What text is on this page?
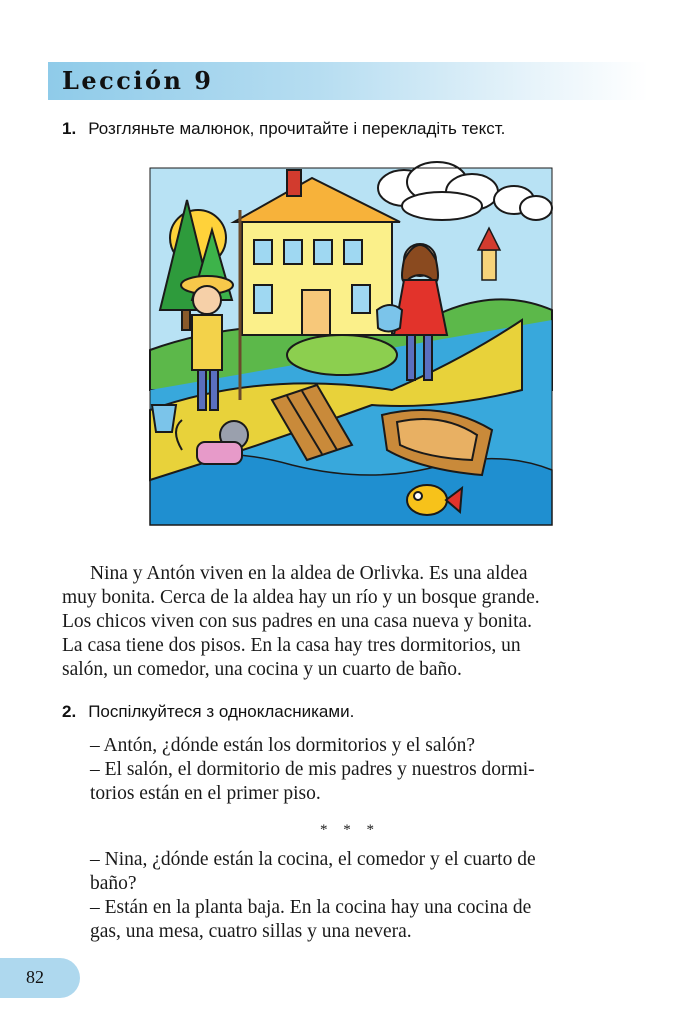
Lección 9
1. Розгляньте малюнок, прочитайте і перекладіть текст.
Nina y Antón viven en la aldea de Orlivka. Es una aldea
muy bonita. Cerca de la aldea hay un río y un bosque grande.
Los chicos viven con sus padres en una casa nueva y bonita.
La casa tiene dos pisos. En la casa hay tres dormitorios, un
salón, un comedor, una cocina y un cuarto de baño.
2. Поспілкуйтеся з однокласниками.
– Antón, ¿dónde están los dormitorios y el salón?
– El salón, el dormitorio de mis padres y nuestros dormi-
torios están en el primer piso.
* * *
– Nina, ¿dónde están la cocina, el comedor y el cuarto de
baño?
– Están en la planta baja. En la cocina hay una cocina de
gas, una mesa, cuatro sillas y una nevera.
82
